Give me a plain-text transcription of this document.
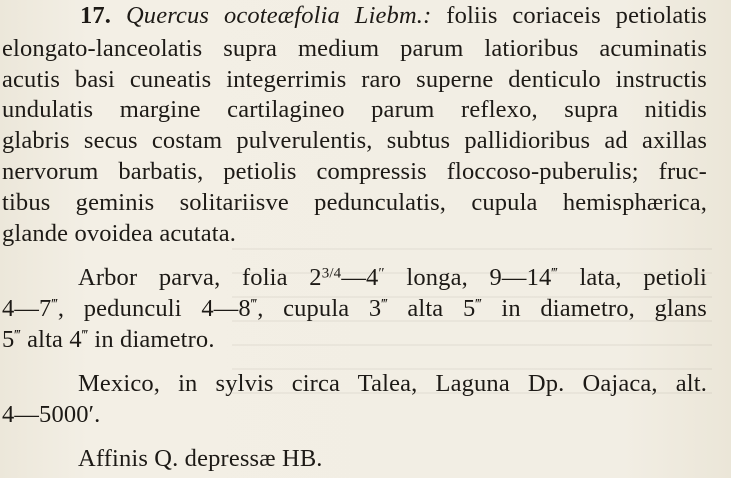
17. Quercus ocoteæfolia Liebm.: foliis coriaceis petiolatis
elongato-lanceolatis supra medium parum latioribus acuminatis
acutis basi cuneatis integerrimis raro superne denticulo instructis
undulatis margine cartilagineo parum reflexo, supra nitidis
glabris secus costam pulverulentis, subtus pallidioribus ad axillas
nervorum barbatis, petiolis compressis floccoso-puberulis; fruc-
tibus geminis solitariisve pedunculatis, cupula hemisphærica,
glande ovoidea acutata.
Arbor parva, folia $2^{3/4}—4''$ longa, 9—14‴ lata, petioli
4—7‴, pedunculi 4—8‴, cupula 3‴ alta 5‴ in diametro, glans
5‴ alta 4‴ in diametro.
Mexico, in sylvis circa Talea, Laguna Dp. Oajaca, alt.
4—5000′.
Affinis Q. depressæ HB.
